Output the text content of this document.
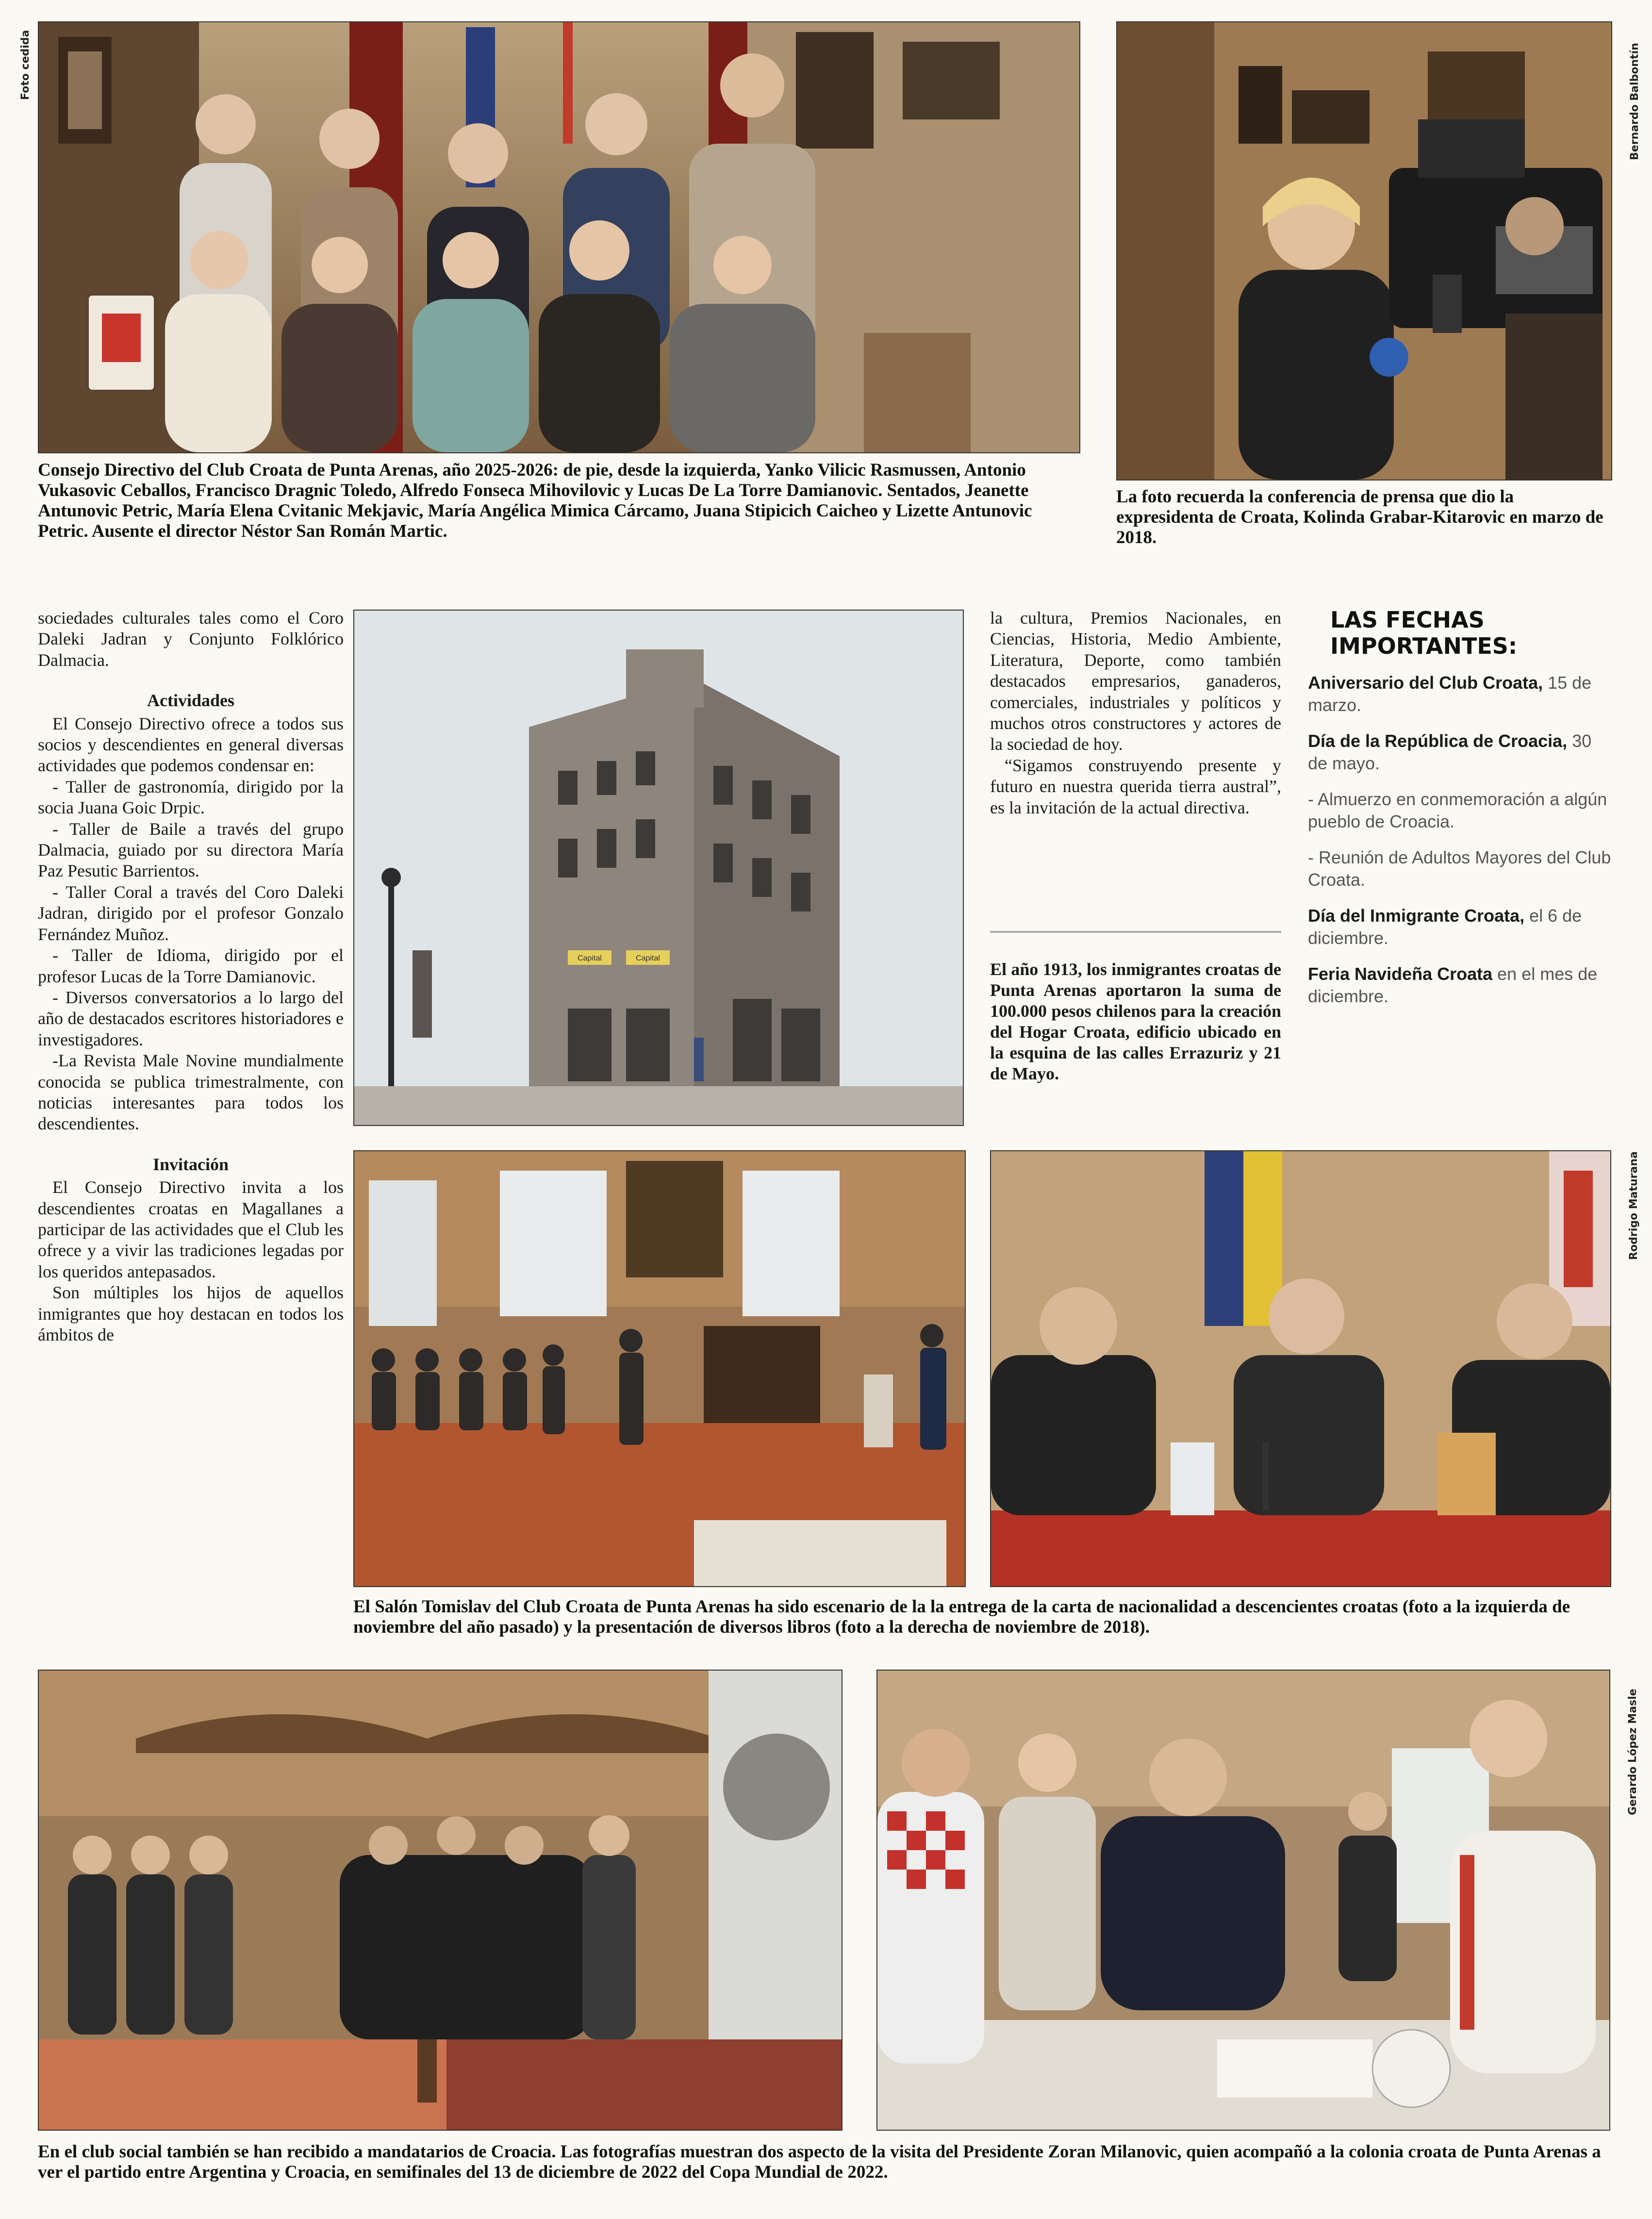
Foto cedida	Bernardo Balbontín
Consejo Directivo del Club Croata de Punta Arenas, año 2025-2026: de pie, desde la izquierda, Yanko Vilicic Rasmussen, Antonio Vukasovic Ceballos, Francisco Dragnic Toledo, Alfredo Fonseca Mihovilovic y Lucas De La Torre Damianovic. Sentados, Jeanette Antunovic Petric, María Elena Cvitanic Mekjavic, María Angélica Mimica Cárcamo, Juana Stipicich Caicheo y Lizette Antunovic Petric. Ausente el director Néstor San Román Martic.
La foto recuerda la conferencia de prensa que dio la expresidenta de Croata, Kolinda Grabar-Kitarovic en marzo de 2018.

sociedades culturales tales como el Coro Daleki Jadran y Conjunto Folklórico Dalmacia.

Actividades

El Consejo Directivo ofrece a todos sus socios y descendientes en general diversas actividades que podemos condensar en:

- Taller de gastronomía, dirigido por la socia Juana Goic Drpic.

- Taller de Baile a través del grupo Dalmacia, guiado por su directora María Paz Pesutic Barrientos.

- Taller Coral a través del Coro Daleki Jadran, dirigido por el profesor Gonzalo Fernández Muñoz.

- Taller de Idioma, dirigido por el profesor Lucas de la Torre Damianovic.

- Diversos conversatorios a lo largo del año de destacados escritores historiadores e investigadores.

-La Revista Male Novine mundialmente conocida se publica trimestralmente, con noticias interesantes para todos los descendientes.

Invitación

El Consejo Directivo invita a los descendientes croatas en Magallanes a participar de las actividades que el Club les ofrece y a vivir las tradiciones legadas por los queridos antepasados.

Son múltiples los hijos de aquellos inmigrantes que hoy destacan en todos los ámbitos de

Capital	Capital

la cultura, Premios Nacionales, en Ciencias, Historia, Medio Ambiente, Literatura, Deporte, como también destacados empresarios, ganaderos, comerciales, industriales y políticos y muchos otros constructores y actores de la sociedad de hoy.

“Sigamos construyendo presente y futuro en nuestra querida tierra austral”, es la invitación de la actual directiva.

El año 1913, los inmigrantes croatas de Punta Arenas aportaron la suma de 100.000 pesos chilenos para la creación del Hogar Croata, edificio ubicado en la esquina de las calles Errazuriz y 21 de Mayo.
LAS FECHAS
IMPORTANTES:
Aniversario del Club Croata, 15 de marzo.
Día de la República de Croacia, 30 de mayo.
- Almuerzo en conmemoración a algún pueblo de Croacia.
- Reunión de Adultos Mayores del Club Croata.
Día del Inmigrante Croata, el 6 de diciembre.
Feria Navideña Croata en el mes de diciembre.
Rodrigo Maturana
El Salón Tomislav del Club Croata de Punta Arenas ha sido escenario de la la entrega de la carta de nacionalidad a descencientes croatas (foto a la izquierda de noviembre del año pasado) y la presentación de diversos libros (foto a la derecha de noviembre de 2018).
Gerardo López Masle
En el club social también se han recibido a mandatarios de Croacia. Las fotografías muestran dos aspecto de la visita del Presidente Zoran Milanovic, quien acompañó a la colonia croata de Punta Arenas a ver el partido entre Argentina y Croacia, en semifinales del 13 de diciembre de 2022 del Copa Mundial de 2022.
